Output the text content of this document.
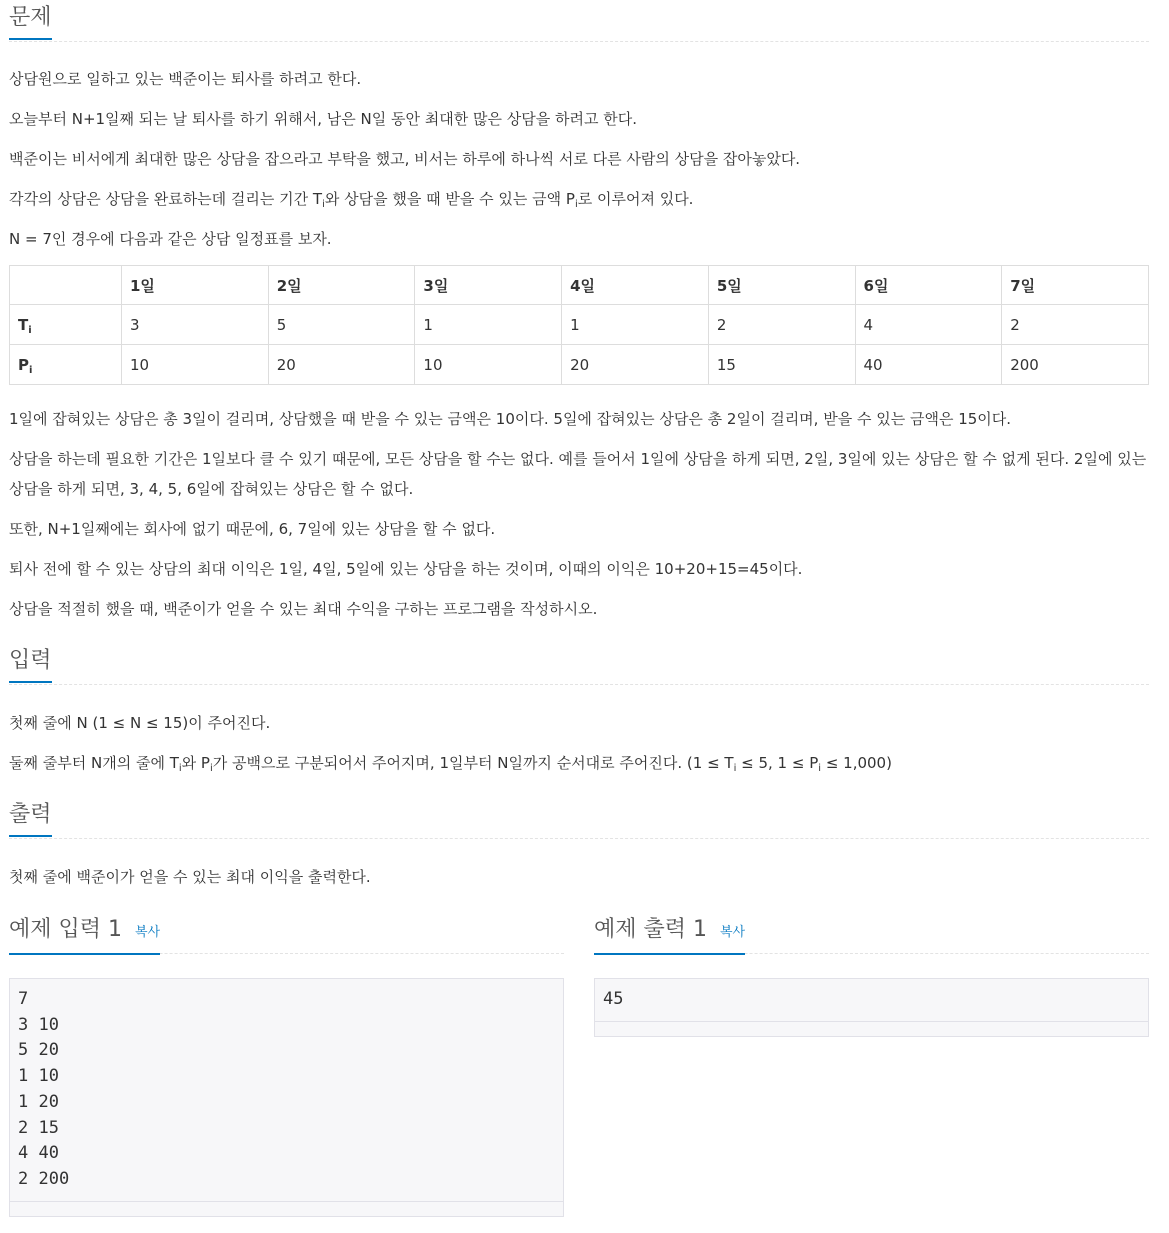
문제
상담원으로 일하고 있는 백준이는 퇴사를 하려고 한다.
오늘부터 N+1일째 되는 날 퇴사를 하기 위해서, 남은 N일 동안 최대한 많은 상담을 하려고 한다.
백준이는 비서에게 최대한 많은 상담을 잡으라고 부탁을 했고, 비서는 하루에 하나씩 서로 다른 사람의 상담을 잡아놓았다.
각각의 상담은 상담을 완료하는데 걸리는 기간 $T_i$와 상담을 했을 때 받을 수 있는 금액 $P_i$로 이루어져 있다.
N = 7인 경우에 다음과 같은 상담 일정표를 보자.
	1일	2일	3일	4일	5일	6일	7일
$T_i$	3	5	1	1	2	4	2
$P_i$	10	20	10	20	15	40	200
1일에 잡혀있는 상담은 총 3일이 걸리며, 상담했을 때 받을 수 있는 금액은 10이다. 5일에 잡혀있는 상담은 총 2일이 걸리며, 받을 수 있는 금액은 15이다.
상담을 하는데 필요한 기간은 1일보다 클 수 있기 때문에, 모든 상담을 할 수는 없다. 예를 들어서 1일에 상담을 하게 되면, 2일, 3일에 있는 상담은 할 수 없게 된다. 2일에 있는 상담을 하게 되면, 3, 4, 5, 6일에 잡혀있는 상담은 할 수 없다.
또한, N+1일째에는 회사에 없기 때문에, 6, 7일에 있는 상담을 할 수 없다.
퇴사 전에 할 수 있는 상담의 최대 이익은 1일, 4일, 5일에 있는 상담을 하는 것이며, 이때의 이익은 10+20+15=45이다.
상담을 적절히 했을 때, 백준이가 얻을 수 있는 최대 수익을 구하는 프로그램을 작성하시오.
입력
첫째 줄에 N (1 ≤ N ≤ 15)이 주어진다.
둘째 줄부터 N개의 줄에 $T_i$와 $P_i$가 공백으로 구분되어서 주어지며, 1일부터 N일까지 순서대로 주어진다. ($1 \le T_i \le 5$, $1 \le P_i \le 1,000$)
출력
첫째 줄에 백준이가 얻을 수 있는 최대 이익을 출력한다.
예제 입력 1 복사
7
3 10
5 20
1 10
1 20
2 15
4 40
2 200
예제 출력 1 복사
45
